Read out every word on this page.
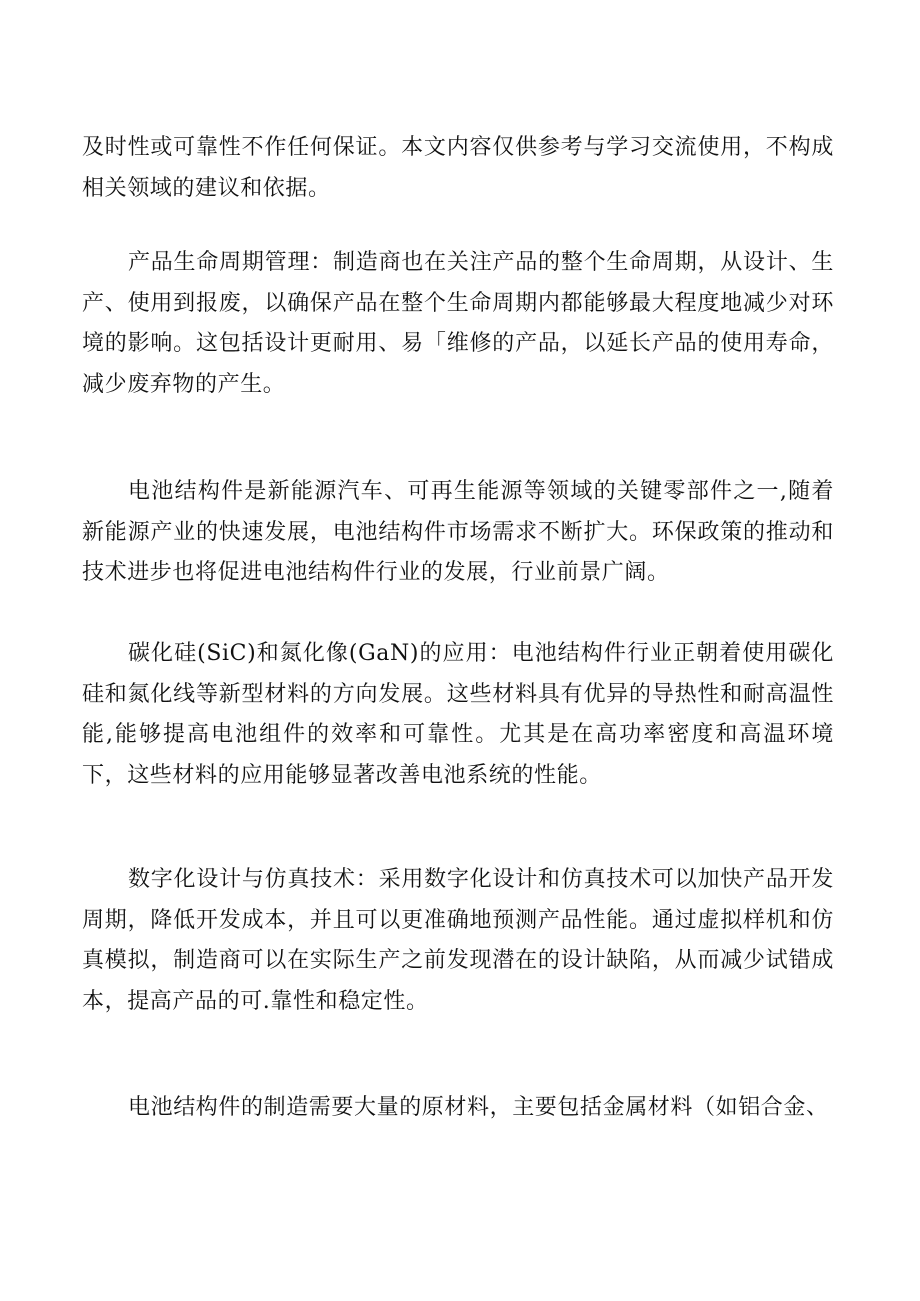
及时性或可靠性不作任何保证。本文内容仅供参考与学习交流使用，不构成相关领域的建议和依据。

产品生命周期管理：制造商也在关注产品的整个生命周期，从设计、生产、使用到报废，以确保产品在整个生命周期内都能够最大程度地减少对环境的影响。这包括设计更耐用、易「维修的产品，以延长产品的使用寿命，减少废弃物的产生。

电池结构件是新能源汽车、可再生能源等领域的关键零部件之一,随着新能源产业的快速发展，电池结构件市场需求不断扩大。环保政策的推动和技术进步也将促进电池结构件行业的发展，行业前景广阔。

碳化硅(SiC)和氮化像(GaN)的应用：电池结构件行业正朝着使用碳化硅和氮化线等新型材料的方向发展。这些材料具有优异的导热性和耐高温性能,能够提高电池组件的效率和可靠性。尤其是在高功率密度和高温环境下，这些材料的应用能够显著改善电池系统的性能。

数字化设计与仿真技术：采用数字化设计和仿真技术可以加快产品开发周期，降低开发成本，并且可以更准确地预测产品性能。通过虚拟样机和仿真模拟，制造商可以在实际生产之前发现潜在的设计缺陷，从而减少试错成本，提高产品的可.靠性和稳定性。

电池结构件的制造需要大量的原材料，主要包括金属材料（如铝合金、
